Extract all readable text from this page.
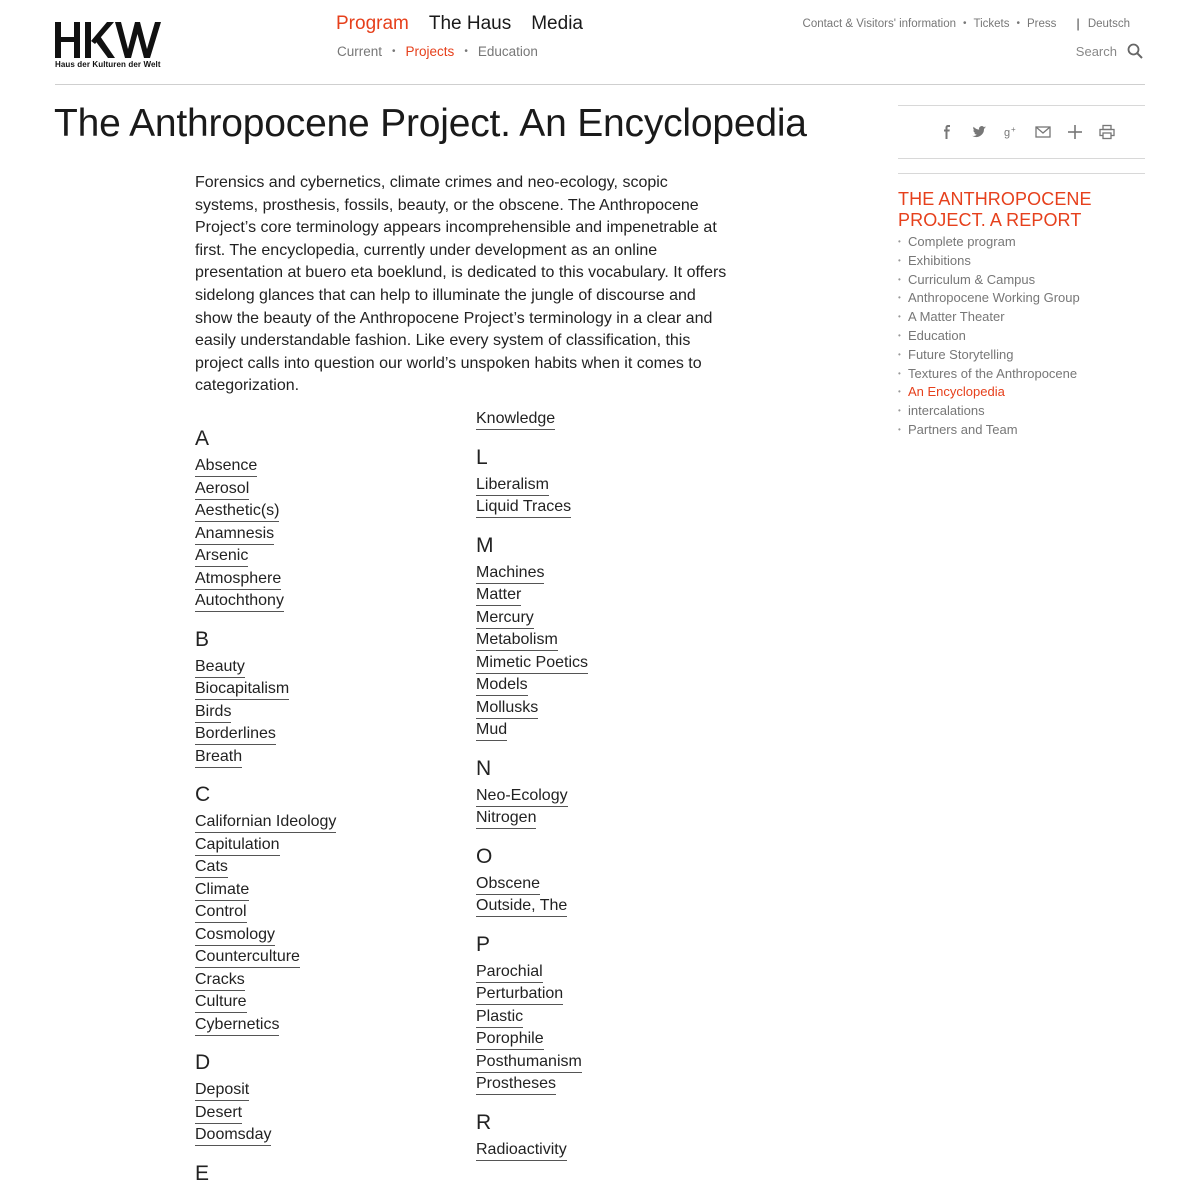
Haus der Kulturen der Welt
Program The Haus Media
Current • Projects • Education
Contact & Visitors' information • Tickets • Press | Deutsch
Search
The Anthropocene Project. An Encyclopedia

Forensics and cybernetics, climate crimes and neo-ecology, scopic systems, prosthesis, fossils, beauty, or the obscene. The Anthropocene Project’s core terminology appears incomprehensible and impenetrable at first. The encyclopedia, currently under development as an online presentation at buero eta boeklund, is dedicated to this vocabulary. It offers sidelong glances that can help to illuminate the jungle of discourse and show the beauty of the Anthropocene Project’s terminology in a clear and easily understandable fashion. Like every system of classification, this project calls into question our world’s unspoken habits when it comes to categorization.

A
Absence
Aerosol
Aesthetic(s)
Anamnesis
Arsenic
Atmosphere
Autochthony
B
Beauty
Biocapitalism
Birds
Borderlines
Breath
C
Californian Ideology
Capitulation
Cats
Climate
Control
Cosmology
Counterculture
Cracks
Culture
Cybernetics
D
Deposit
Desert
Doomsday
E
Knowledge
L
Liberalism
Liquid Traces
M
Machines
Matter
Mercury
Metabolism
Mimetic Poetics
Models
Mollusks
Mud
N
Neo-Ecology
Nitrogen
O
Obscene
Outside, The
P
Parochial
Perturbation
Plastic
Porophile
Posthumanism
Prostheses
R
Radioactivity
g +
THE ANTHROPOCENE PROJECT. A REPORT
• Complete program
• Exhibitions
• Curriculum & Campus
• Anthropocene Working Group
• A Matter Theater
• Education
• Future Storytelling
• Textures of the Anthropocene
• An Encyclopedia
• intercalations
• Partners and Team
